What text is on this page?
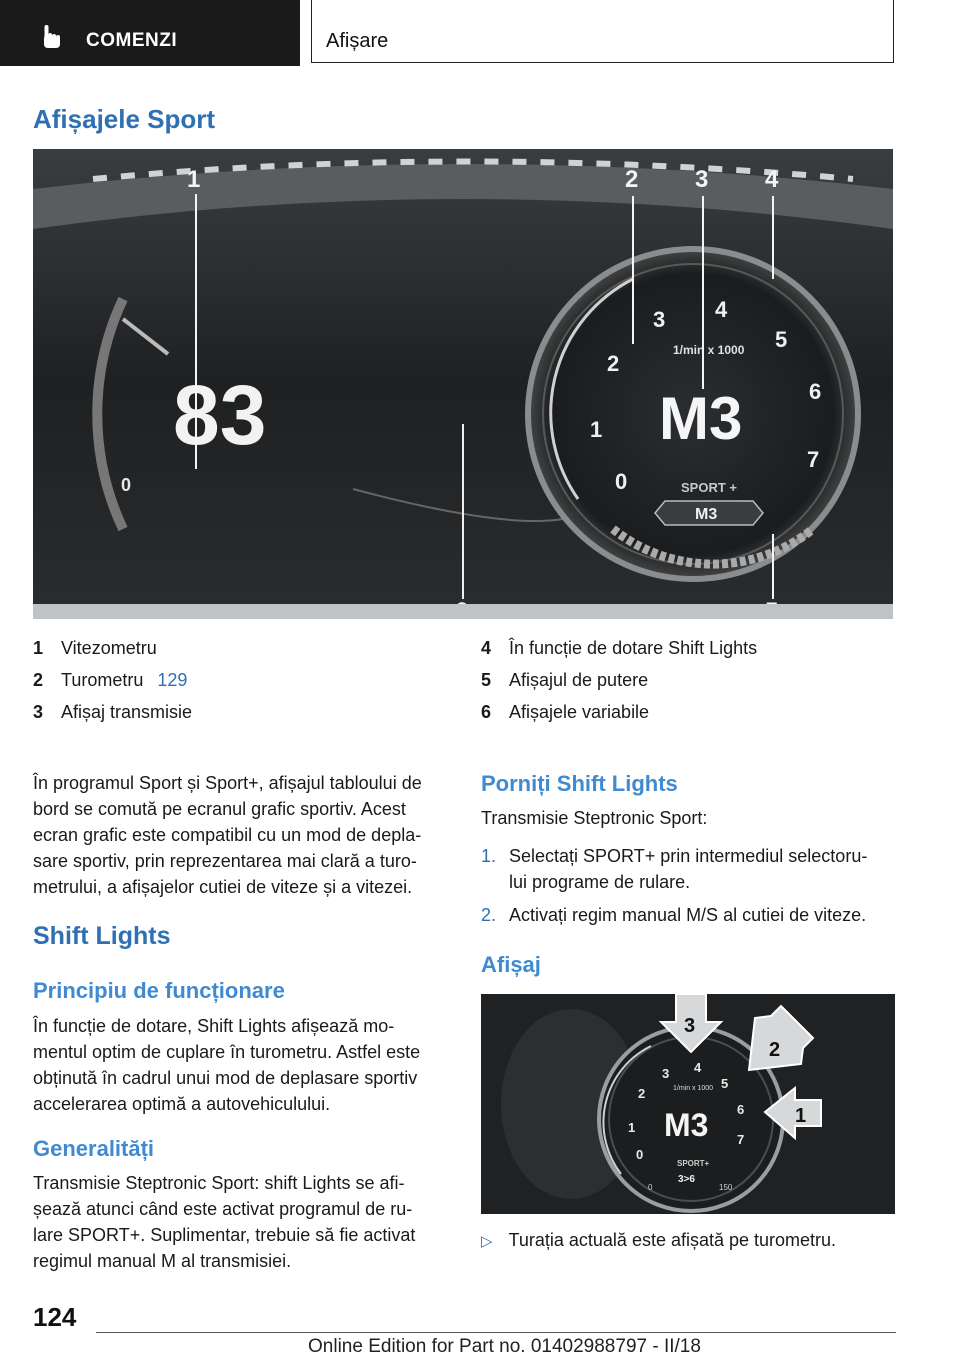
COMENZI	Afișare
Afișajele Sport
0
83
0
1
2
3 4
5
6
7
1/min x 1000
M3
SPORT +
M3
1	2 3 4
1 Vitezometru
2 Turometru 129
3 Afișaj transmisie
4 În funcție de dotare Shift Lights
5 Afișajul de putere
6 Afișajele variabile
În programul Sport și Sport+, afișajul tabloului de
bord se comută pe ecranul grafic sportiv. Acest
ecran grafic este compatibil cu un mod de depla‐
sare sportiv, prin reprezentarea mai clară a turo‐
metrului, a afișajelor cutiei de viteze și a vitezei.
Shift Lights
Principiu de funcționare
În funcție de dotare, Shift Lights afișează mo‐
mentul optim de cuplare în turometru. Astfel este
obținută în cadrul unui mod de deplasare sportiv
accelerarea optimă a autovehiculului.
Generalități
Transmisie Steptronic Sport: shift Lights se afi‐
șează atunci când este activat programul de ru‐
lare SPORT+. Suplimentar, trebuie să fie activat
regimul manual M al transmisiei.
Porniți Shift Lights
Transmisie Steptronic Sport:
1. Selectați SPORT+ prin intermediul selectoru‐
lui programe de rulare.
2. Activați regim manual M/S al cutiei de viteze.
Afișaj
0
1
2
3 4
5
6
7
1/min x 1000
M3
SPORT+
3>6
0	150
3
2
1
▷ Turația actuală este afișată pe turometru.
124
Online Edition for Part no. 01402988797 - II/18
